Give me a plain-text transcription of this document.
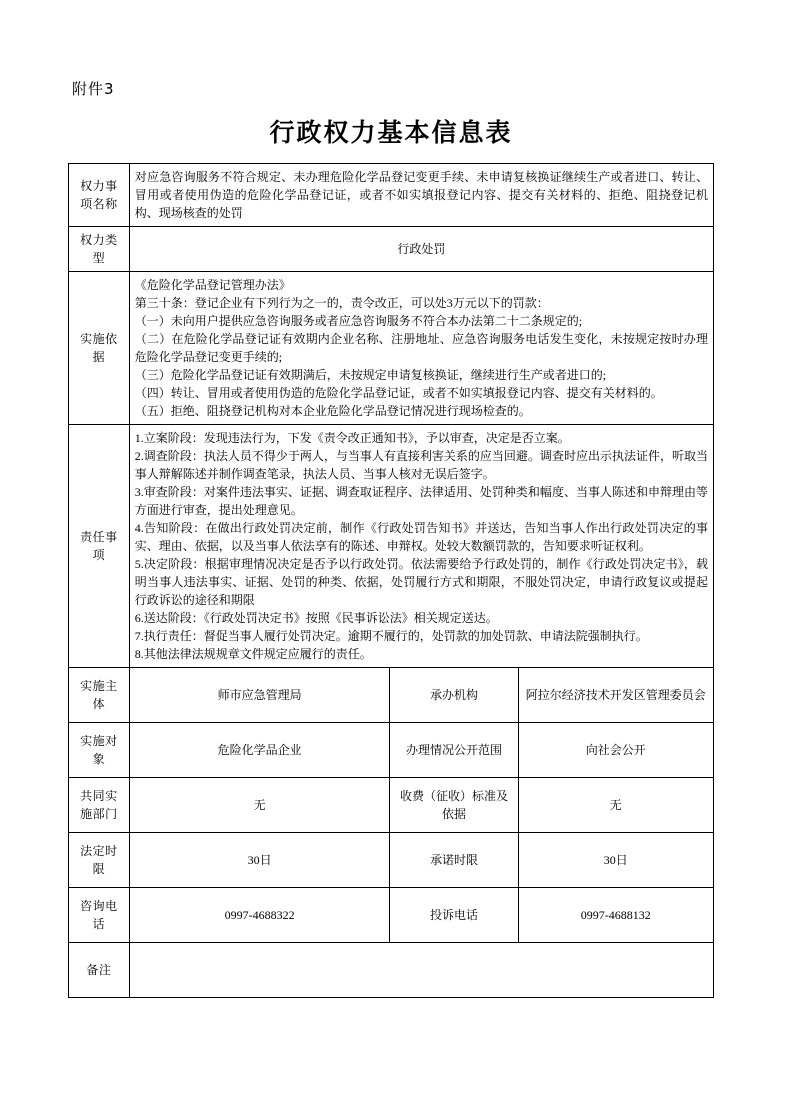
附件3
行政权力基本信息表
权力事项名称	对应急咨询服务不符合规定、未办理危险化学品登记变更手续、未申请复核换证继续生产或者进口、转让、冒用或者使用伪造的危险化学品登记证，或者不如实填报登记内容、提交有关材料的、拒绝、阻挠登记机构、现场核查的处罚		
权力类型	行政处罚		
实施依据	

《危险化学品登记管理办法》

第三十条：登记企业有下列行为之一的，责令改正，可以处3万元以下的罚款：

（一）未向用户提供应急咨询服务或者应急咨询服务不符合本办法第二十二条规定的;

（二）在危险化学品登记证有效期内企业名称、注册地址、应急咨询服务电话发生变化，未按规定按时办理危险化学品登记变更手续的;

（三）危险化学品登记证有效期满后，未按规定申请复核换证，继续进行生产或者进口的;

（四）转让、冒用或者使用伪造的危险化学品登记证，或者不如实填报登记内容、提交有关材料的。

（五）拒绝、阻挠登记机构对本企业危险化学品登记情况进行现场检查的。

责任事项	

1.立案阶段：发现违法行为，下发《责令改正通知书》，予以审查，决定是否立案。

2.调查阶段：执法人员不得少于两人，与当事人有直接利害关系的应当回避。调查时应出示执法证件，听取当事人辩解陈述并制作调查笔录，执法人员、当事人核对无误后签字。

3.审查阶段：对案件违法事实、证据、调查取证程序、法律适用、处罚种类和幅度、当事人陈述和申辩理由等方面进行审查，提出处理意见。

4.告知阶段：在做出行政处罚决定前，制作《行政处罚告知书》并送达，告知当事人作出行政处罚决定的事实、理由、依据，以及当事人依法享有的陈述、申辩权。处较大数额罚款的，告知要求听证权利。

5.决定阶段：根据审理情况决定是否予以行政处罚。依法需要给予行政处罚的，制作《行政处罚决定书》，载明当事人违法事实、证据、处罚的种类、依据，处罚履行方式和期限，不服处罚决定，申请行政复议或提起行政诉讼的途径和期限

6.送达阶段：《行政处罚决定书》按照《民事诉讼法》相关规定送达。

7.执行责任：督促当事人履行处罚决定。逾期不履行的，处罚款的加处罚款、申请法院强制执行。

8.其他法律法规规章文件规定应履行的责任。

实施主体	师市应急管理局	承办机构	阿拉尔经济技术开发区管理委员会
实施对象	危险化学品企业	办理情况公开范围	向社会公开
共同实施部门	无	收费（征收）标准及依据	无
法定时限	30日	承诺时限	30日
咨询电话	0997-4688322	投诉电话	0997-4688132
备注			
